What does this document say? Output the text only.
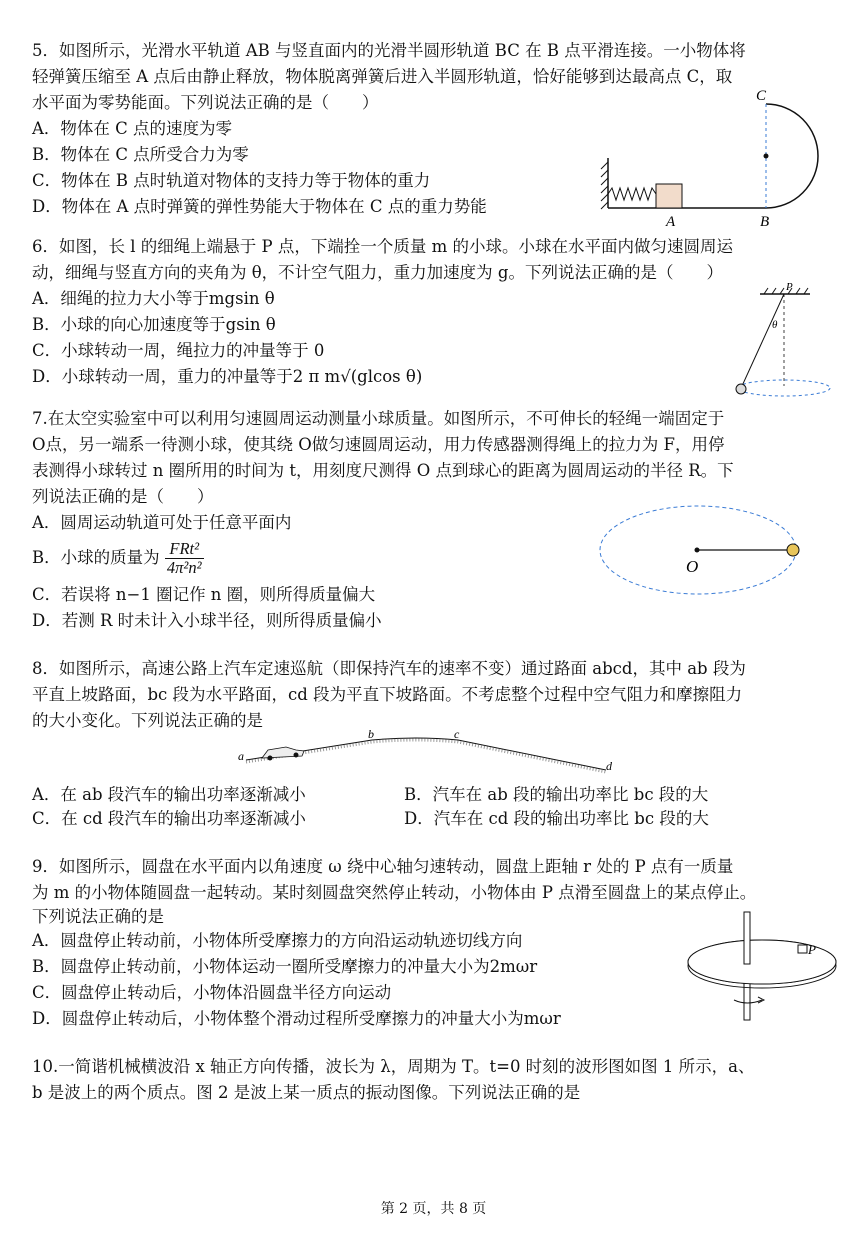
5．如图所示，光滑水平轨道 AB 与竖直面内的光滑半圆形轨道 BC 在 B 点平滑连接。一小物体将
轻弹簧压缩至 A 点后由静止释放，物体脱离弹簧后进入半圆形轨道，恰好能够到达最高点 C，取
水平面为零势能面。下列说法正确的是（　　）
A．物体在 C 点的速度为零
B．物体在 C 点所受合力为零
C．物体在 B 点时轨道对物体的支持力等于物体的重力
D．物体在 A 点时弹簧的弹性势能大于物体在 C 点的重力势能
A	B
C
6．如图，长 l 的细绳上端悬于 P 点，下端拴一个质量 m 的小球。小球在水平面内做匀速圆周运
动，细绳与竖直方向的夹角为 θ，不计空气阻力，重力加速度为 g。下列说法正确的是（　　）
A．细绳的拉力大小等于mgsin θ
B．小球的向心加速度等于gsin θ
C．小球转动一周，绳拉力的冲量等于 0
D．小球转动一周，重力的冲量等于2 π m√(glcos θ)
P
θ
7.在太空实验室中可以利用匀速圆周运动测量小球质量。如图所示，不可伸长的轻绳一端固定于
O点，另一端系一待测小球，使其绕 O做匀速圆周运动，用力传感器测得绳上的拉力为 F，用停
表测得小球转过 n 圈所用的时间为 t，用刻度尺测得 O 点到球心的距离为圆周运动的半径 R。下
列说法正确的是（　　）
A．圆周运动轨道可处于任意平面内
B．小球的质量为 $\frac{\text{FRt²}}{\text{4π²n²}}$
C．若误将 n−1 圈记作 n 圈，则所得质量偏大
D．若测 R 时未计入小球半径，则所得质量偏小
O
8．如图所示，高速公路上汽车定速巡航（即保持汽车的速率不变）通过路面 abcd，其中 ab 段为
平直上坡路面，bc 段为水平路面，cd 段为平直下坡路面。不考虑整个过程中空气阻力和摩擦阻力
的大小变化。下列说法正确的是
a
b	c
d
A．在 ab 段汽车的输出功率逐渐减小	B．汽车在 ab 段的输出功率比 bc 段的大
C．在 cd 段汽车的输出功率逐渐减小	D．汽车在 cd 段的输出功率比 bc 段的大
9．如图所示，圆盘在水平面内以角速度 ω 绕中心轴匀速转动，圆盘上距轴 r 处的 P 点有一质量
为 m 的小物体随圆盘一起转动。某时刻圆盘突然停止转动，小物体由 P 点滑至圆盘上的某点停止。
下列说法正确的是
A．圆盘停止转动前，小物体所受摩擦力的方向沿运动轨迹切线方向
B．圆盘停止转动前，小物体运动一圈所受摩擦力的冲量大小为2mωr
C．圆盘停止转动后，小物体沿圆盘半径方向运动
D．圆盘停止转动后，小物体整个滑动过程所受摩擦力的冲量大小为mωr
P
10.一简谐机械横波沿 x 轴正方向传播，波长为 λ，周期为 T。t=0 时刻的波形图如图 1 所示，a、
b 是波上的两个质点。图 2 是波上某一质点的振动图像。下列说法正确的是
第 2 页，共 8 页
